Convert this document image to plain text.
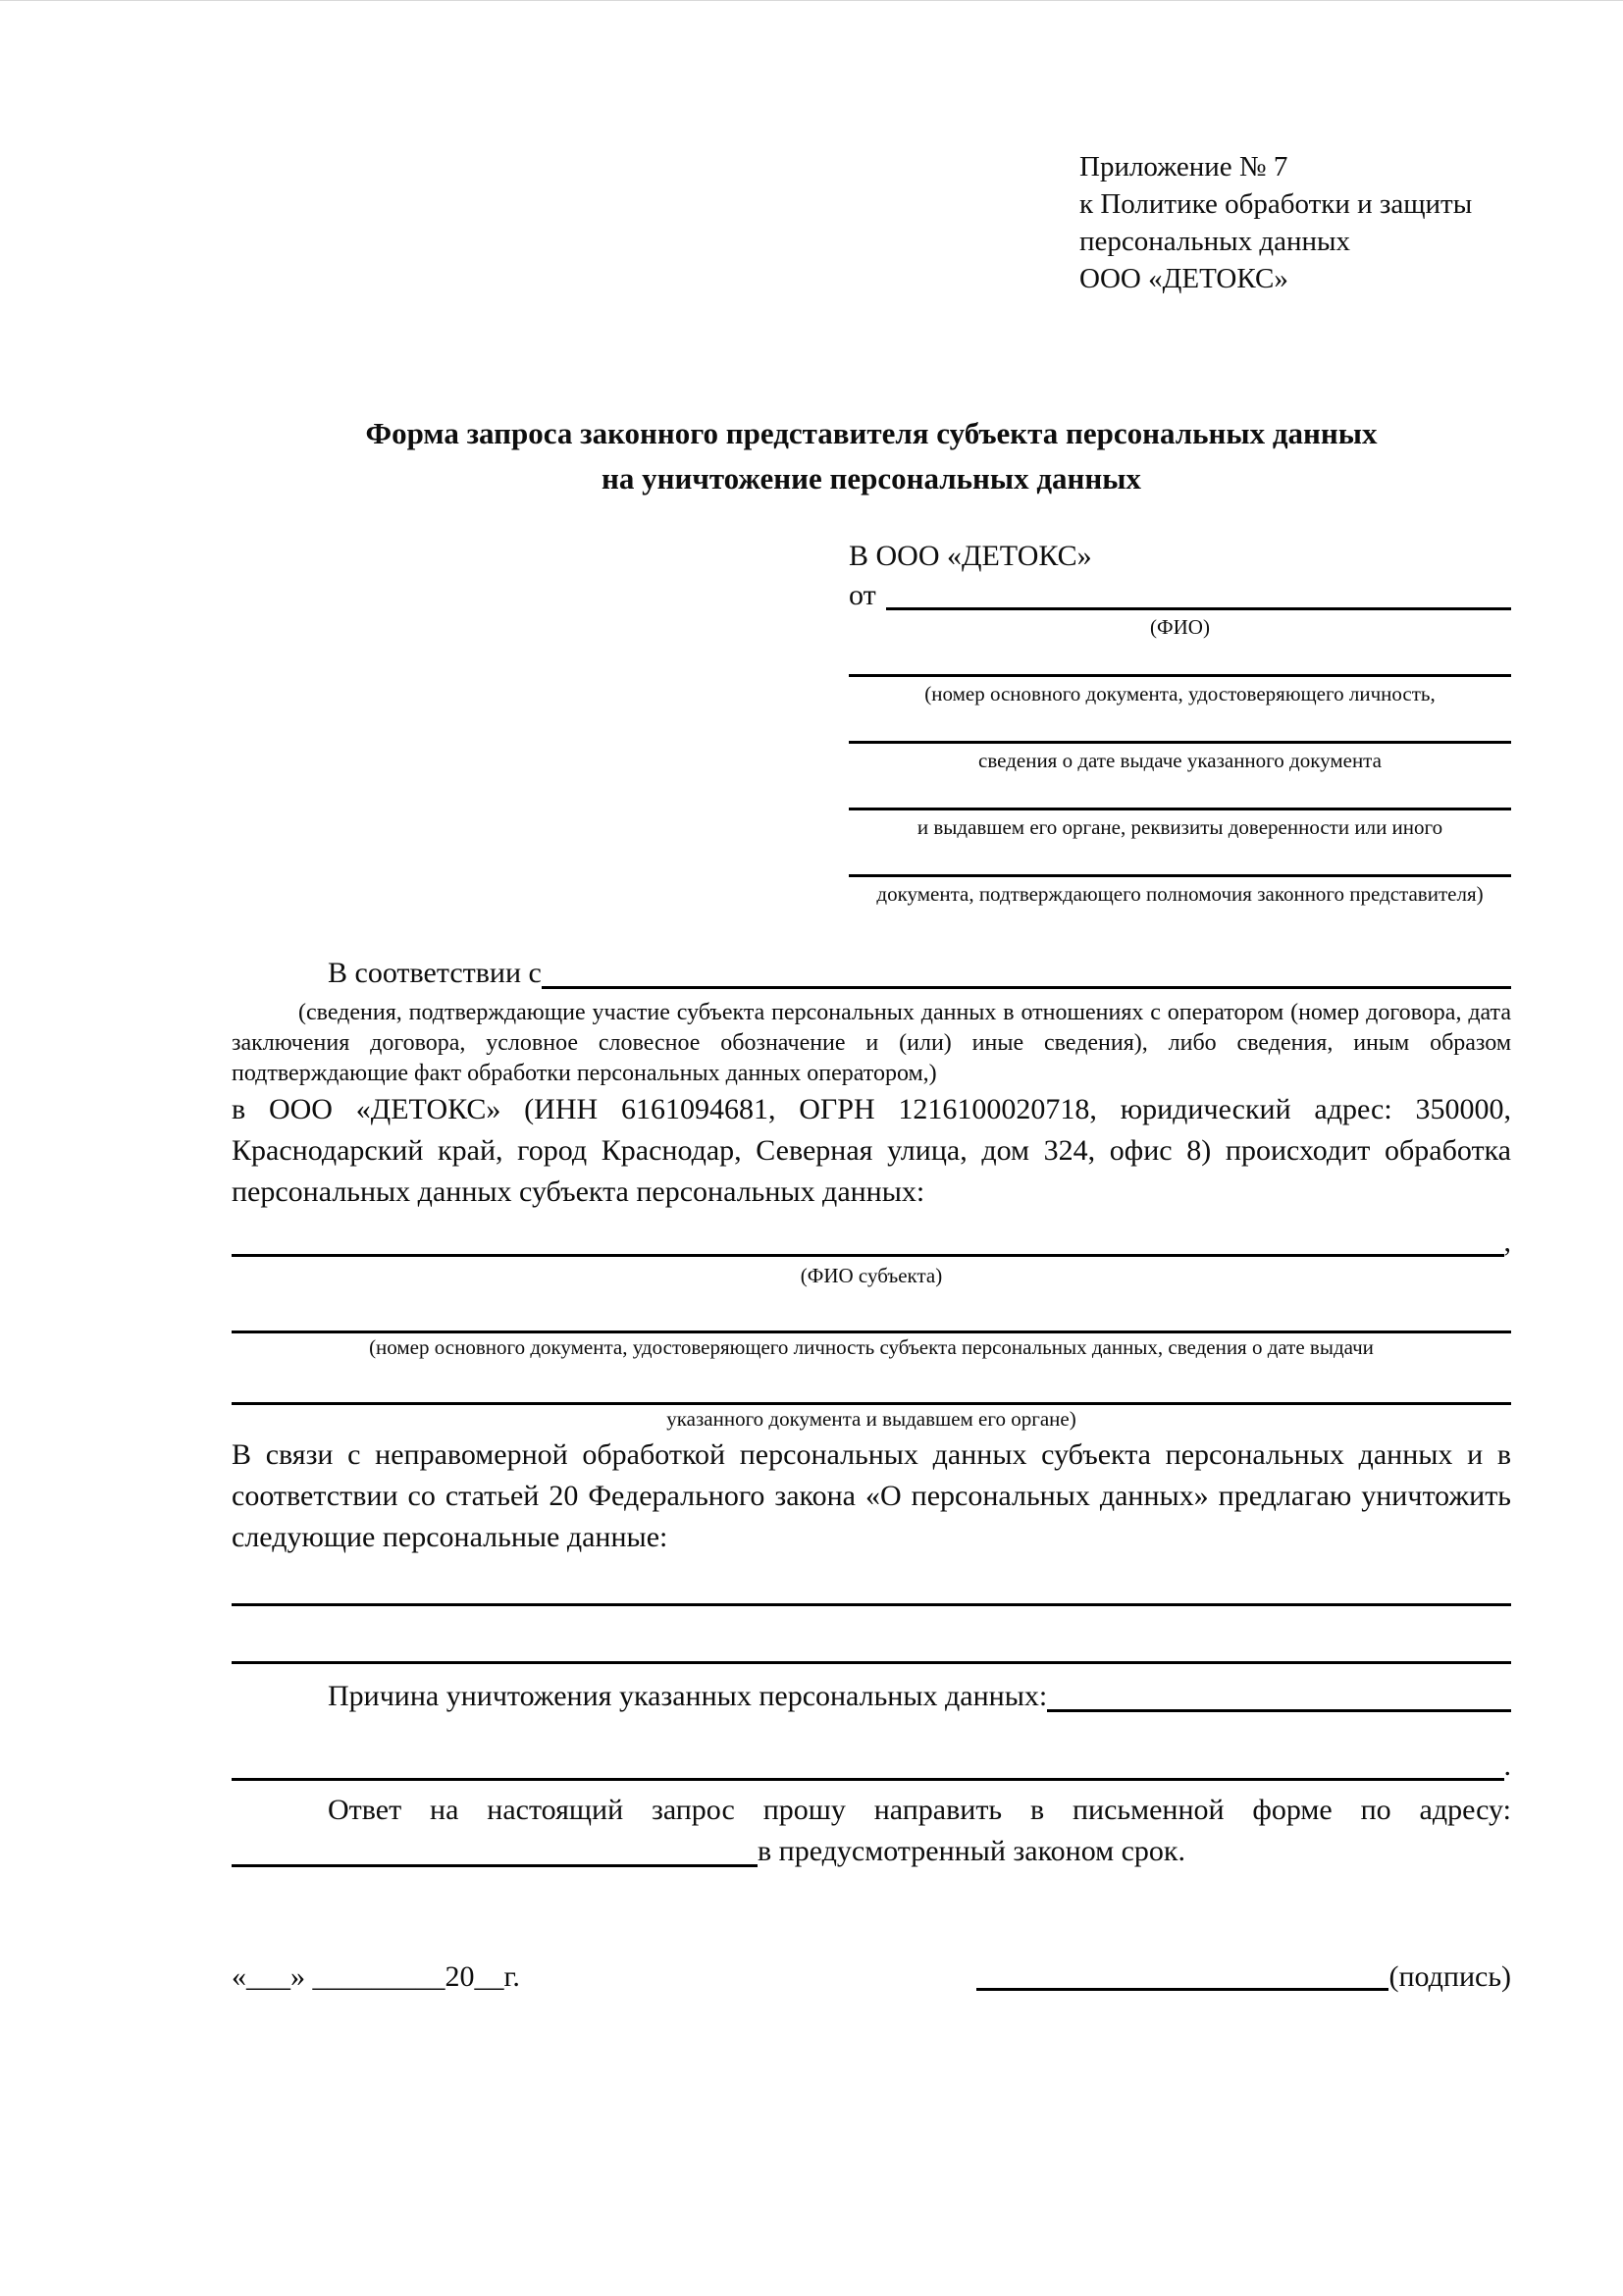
Приложение № 7
к Политике обработки и защиты
персональных данных
ООО «ДЕТОКС»
Форма запроса законного представителя субъекта персональных данных
на уничтожение персональных данных
В ООО «ДЕТОКС»
от
(ФИО)
(номер основного документа, удостоверяющего личность,
сведения о дате выдаче указанного документа
и выдавшем его органе, реквизиты доверенности или иного
документа, подтверждающего полномочия законного представителя)
В соответствии с

(сведения, подтверждающие участие субъекта персональных данных в отношениях с оператором (номер договора, дата заключения договора, условное словесное обозначение и (или) иные сведения), либо сведения, иным образом подтверждающие факт обработки персональных данных оператором,)

в ООО «ДЕТОКС» (ИНН 6161094681, ОГРН 1216100020718, юридический адрес: 350000, Краснодарский край, город Краснодар, Северная улица, дом 324, офис 8) происходит обработка персональных данных субъекта персональных данных:

,
(ФИО субъекта)
(номер основного документа, удостоверяющего личность субъекта персональных данных, сведения о дате выдачи
указанного документа и выдавшем его органе)

В связи с неправомерной обработкой персональных данных субъекта персональных данных и в соответствии со статьей 20 Федерального закона «О персональных данных» предлагаю уничтожить следующие персональные данные:

Причина уничтожения указанных персональных данных:
.

Ответ на настоящий запрос прошу направить в письменной форме по адресу:

в предусмотренный законом срок.
«___» _________20__г.	(подпись)
